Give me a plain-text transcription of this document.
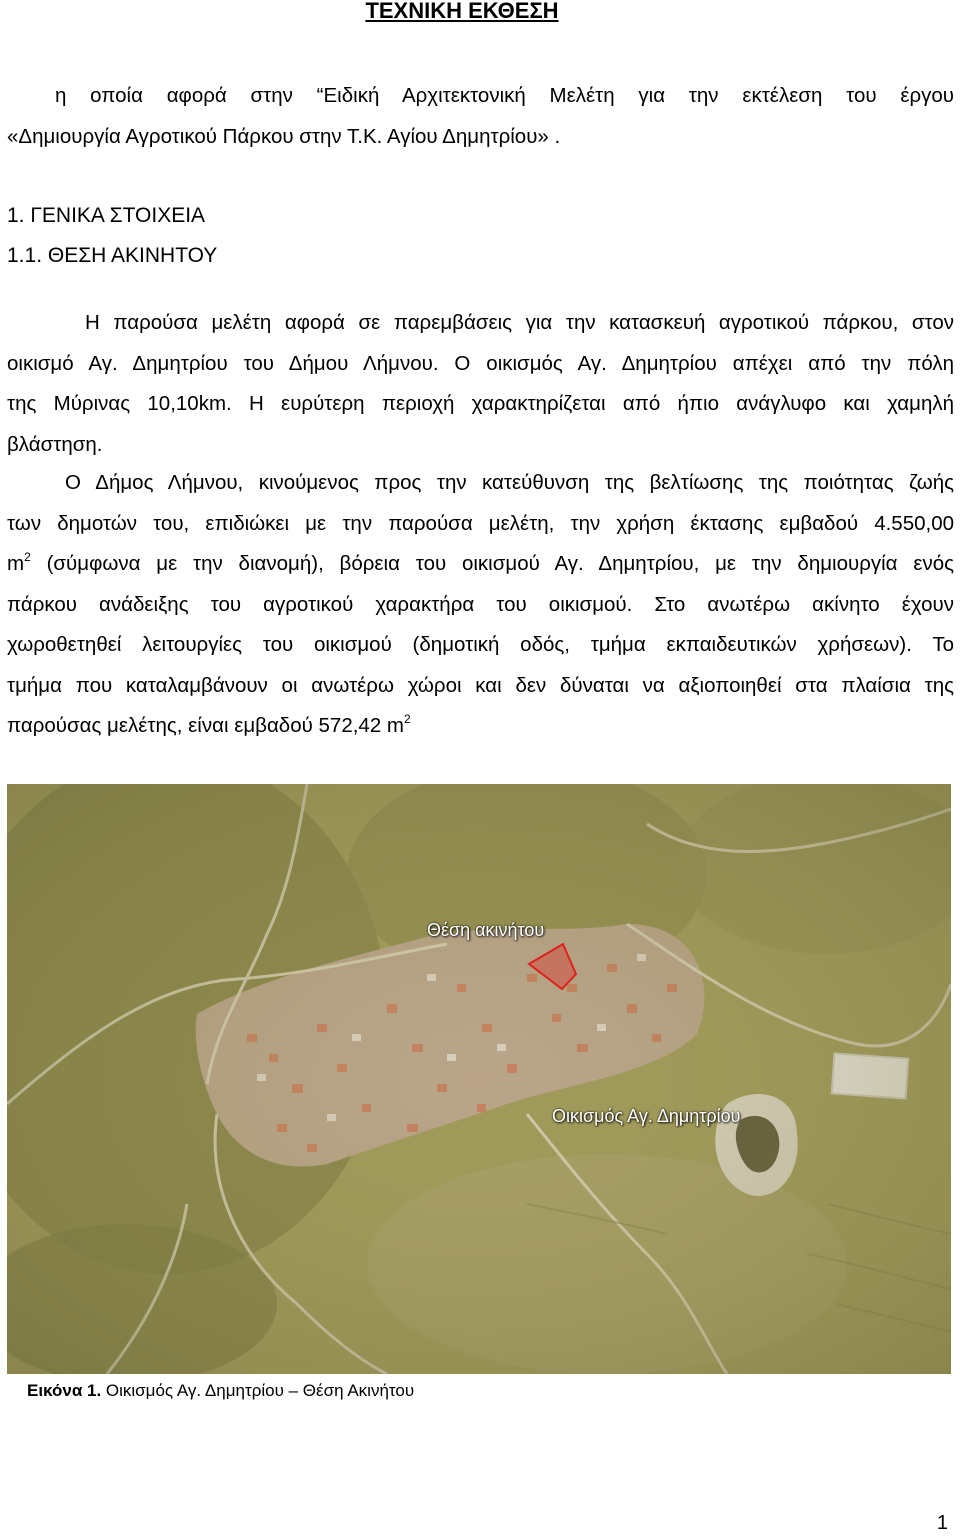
ΤΕΧΝΙΚΗ ΕΚΘΕΣΗ
η οποία αφορά στην “Ειδική Αρχιτεκτονική Μελέτη για την εκτέλεση του έργου
«Δημιουργία Αγροτικού Πάρκου στην Τ.Κ. Αγίου Δημητρίου» .
1. ΓΕΝΙΚΑ ΣΤΟΙΧΕΙΑ
1.1. ΘΕΣΗ ΑΚΙΝΗΤΟΥ
Η παρούσα μελέτη αφορά σε παρεμβάσεις για την κατασκευή αγροτικού πάρκου, στον
οικισμό Αγ. Δημητρίου του Δήμου Λήμνου. Ο οικισμός Αγ. Δημητρίου απέχει από την πόλη
της Μύρινας 10,10km. Η ευρύτερη περιοχή χαρακτηρίζεται από ήπιο ανάγλυφο και χαμηλή
βλάστηση.
Ο Δήμος Λήμνου, κινούμενος προς την κατεύθυνση της βελτίωσης της ποιότητας ζωής
των δημοτών του, επιδιώκει με την παρούσα μελέτη, την χρήση έκτασης εμβαδού 4.550,00
$m^2$ (σύμφωνα με την διανομή), βόρεια του οικισμού Αγ. Δημητρίου, με την δημιουργία ενός
πάρκου ανάδειξης του αγροτικού χαρακτήρα του οικισμού. Στο ανωτέρω ακίνητο έχουν
χωροθετηθεί λειτουργίες του οικισμού (δημοτική οδός, τμήμα εκπαιδευτικών χρήσεων). Το
τμήμα που καταλαμβάνουν οι ανωτέρω χώροι και δεν δύναται να αξιοποιηθεί στα πλαίσια της
παρούσας μελέτης, είναι εμβαδού 572,42 $m^2$
Θέση ακινήτου
Οικισμός Αγ. Δημητρίου
Εικόνα 1. Οικισμός Αγ. Δημητρίου – Θέση Ακινήτου
1
